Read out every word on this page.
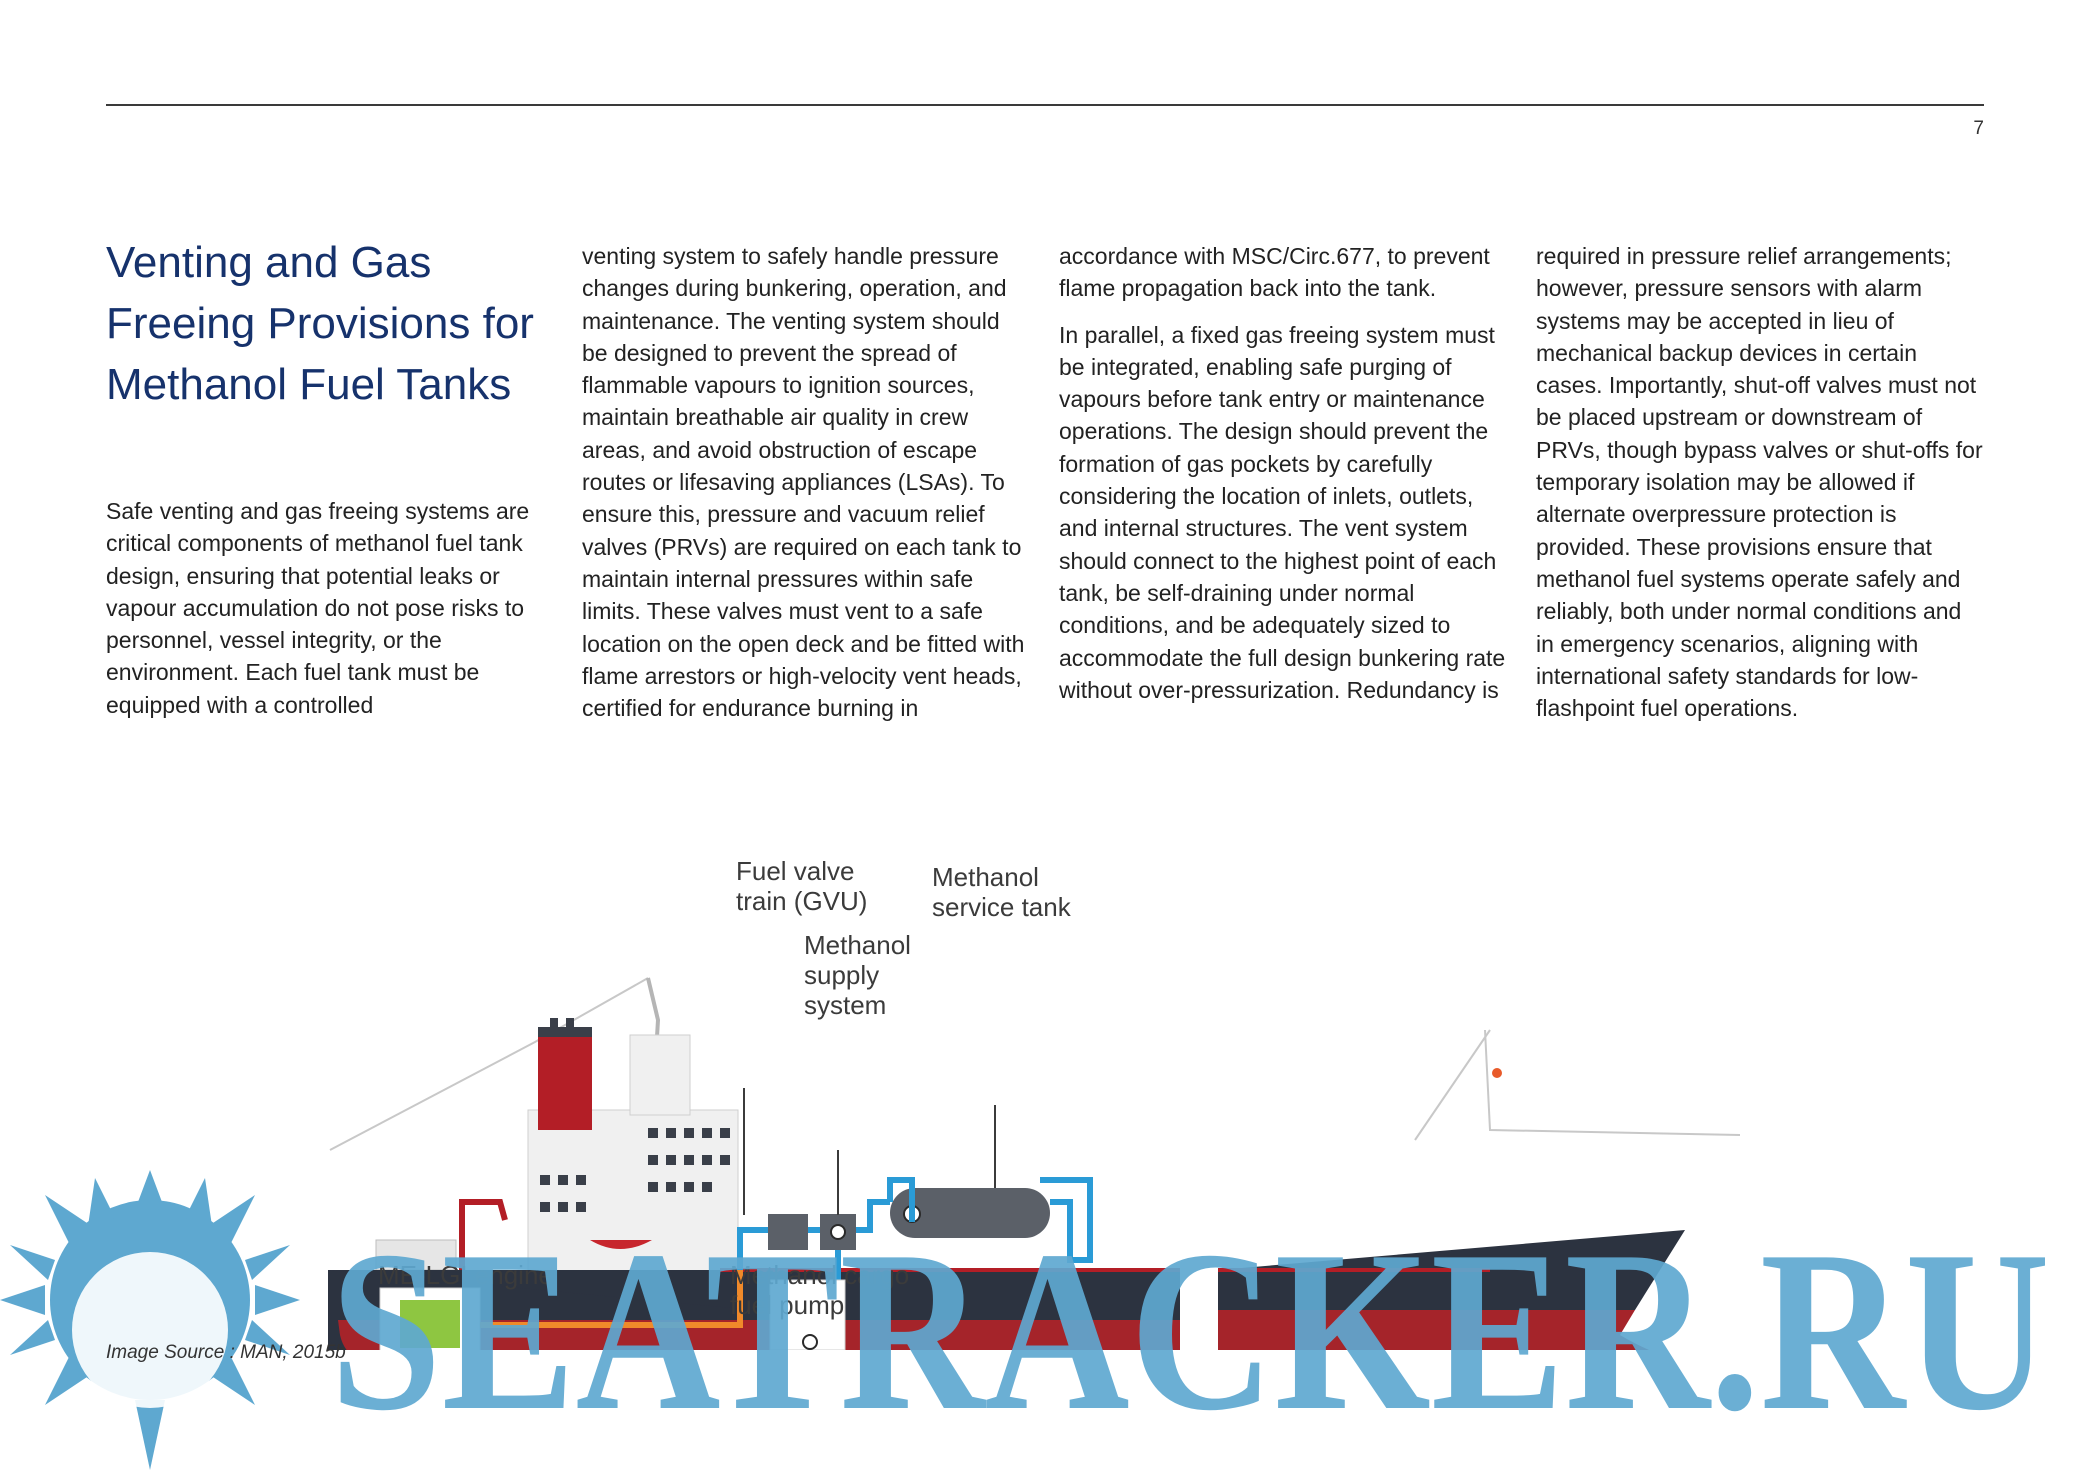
7
Venting and Gas Freeing Provisions for Methanol Fuel Tanks

Safe venting and gas freeing systems are critical components of methanol fuel tank design, ensuring that potential leaks or vapour accumulation do not pose risks to personnel, vessel integrity, or the environment. Each fuel tank must be equipped with a controlled

venting system to safely handle pressure changes during bunkering, operation, and maintenance. The venting system should be designed to prevent the spread of flammable vapours to ignition sources, maintain breathable air quality in crew areas, and avoid obstruction of escape routes or lifesaving appliances (LSAs). To ensure this, pressure and vacuum relief valves (PRVs) are required on each tank to maintain internal pressures within safe limits. These valves must vent to a safe location on the open deck and be fitted with flame arrestors or high-velocity vent heads, certified for endurance burning in

accordance with MSC/Circ.677, to prevent flame propagation back into the tank.

In parallel, a fixed gas freeing system must be integrated, enabling safe purging of vapours before tank entry or maintenance operations. The design should prevent the formation of gas pockets by carefully considering the location of inlets, outlets, and internal structures. The vent system should connect to the highest point of each tank, be self-draining under normal conditions, and be adequately sized to accommodate the full design bunkering rate without over-pressurization. Redundancy is

required in pressure relief arrangements; however, pressure sensors with alarm systems may be accepted in lieu of mechanical backup devices in certain cases. Importantly, shut-off valves must not be placed upstream or downstream of PRVs, though bypass valves or shut-offs for temporary isolation may be allowed if alternate overpressure protection is provided. These provisions ensure that methanol fuel systems operate safely and reliably, both under normal conditions and in emergency scenarios, aligning with international safety standards for low-flashpoint fuel operations.

Fuel valve
train (GVU)
Methanol
service tank
Methanol
supply
system
ME-LGI engine	Methanol cargo
fuel pump
SEATRACKER.RU
Image Source : MAN, 2015b
